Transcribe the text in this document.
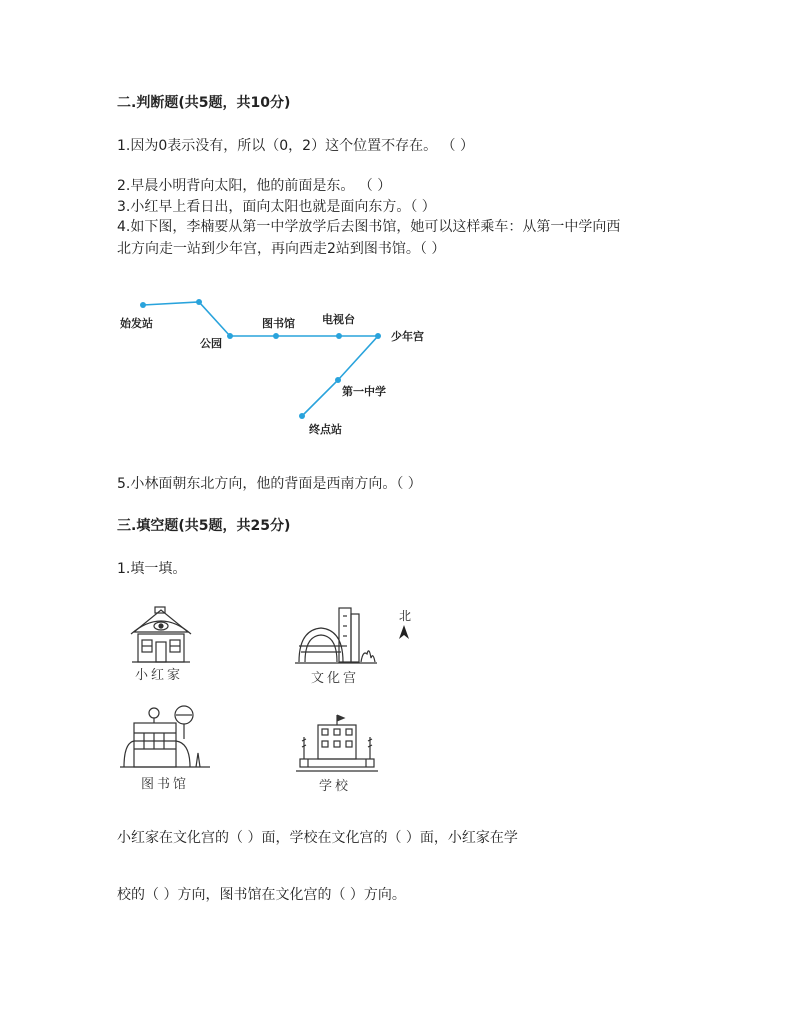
二.判断题(共5题，共10分)
1.因为0表示没有，所以（0，2）这个位置不存在。 （ ）
2.早晨小明背向太阳，他的前面是东。 （ ）
3.小红早上看日出，面向太阳也就是面向东方。（ ）
4.如下图，李楠要从第一中学放学后去图书馆，她可以这样乘车：从第一中学向西
北方向走一站到少年宫，再向西走2站到图书馆。（ ）
始发站
公园
图书馆 电视台
少年宫
第一中学
终点站
5.小林面朝东北方向，他的背面是西南方向。（ ）
三.填空题(共5题，共25分)
1.填一填。
小红家	文化宫
北
图书馆	学校
小红家在文化宫的（ ）面，学校在文化宫的（ ）面，小红家在学
校的（ ）方向，图书馆在文化宫的（ ）方向。
